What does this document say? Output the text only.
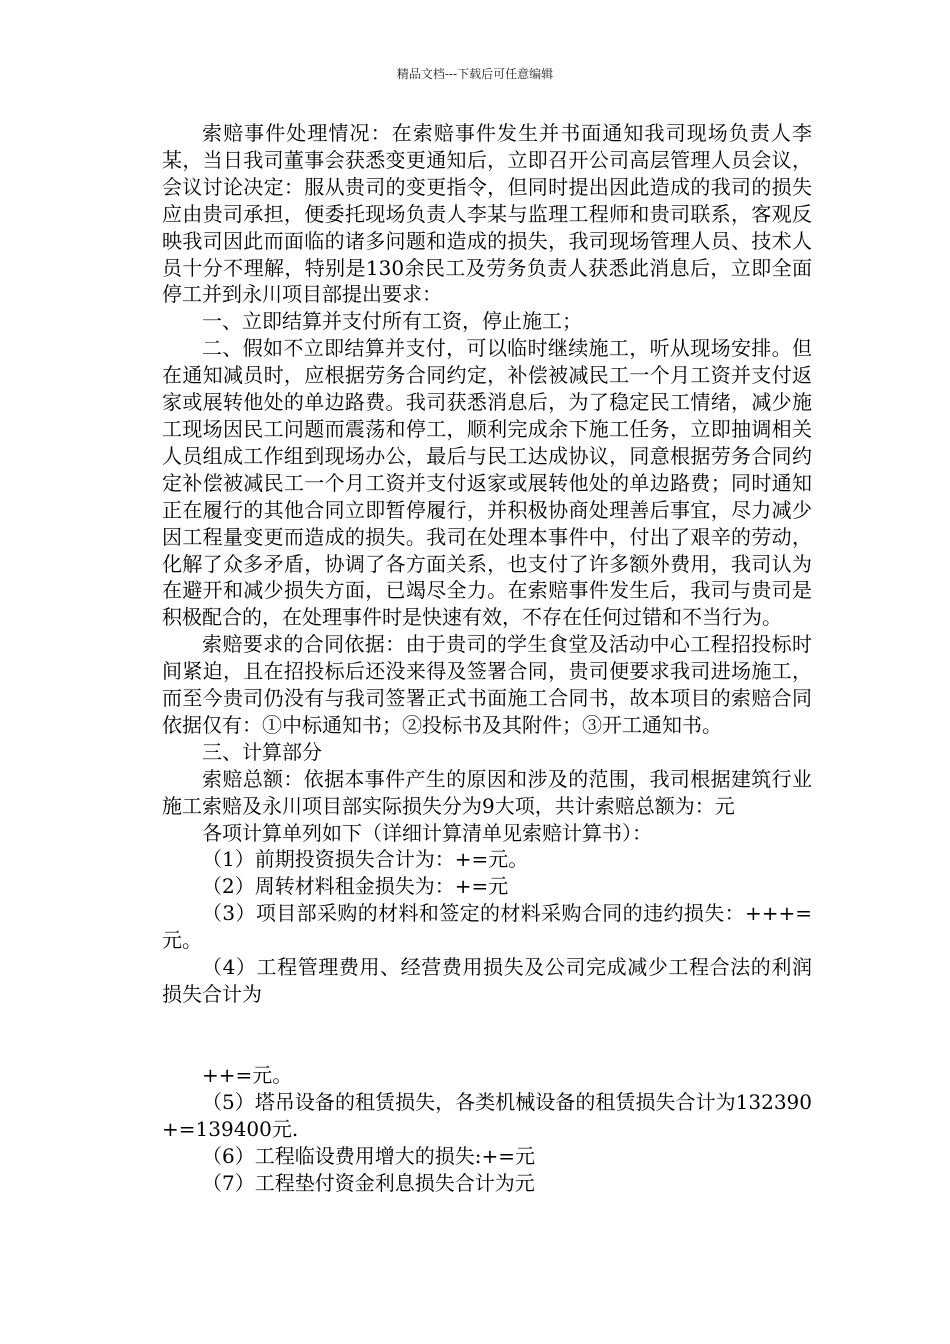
精品文档---下载后可任意编辑

索赔事件处理情况：在索赔事件发生并书面通知我司现场负责人李某，当日我司董事会获悉变更通知后，立即召开公司高层管理人员会议，会议讨论决定：服从贵司的变更指令，但同时提出因此造成的我司的损失应由贵司承担，便委托现场负责人李某与监理工程师和贵司联系，客观反映我司因此而面临的诸多问题和造成的损失，我司现场管理人员、技术人员十分不理解，特别是130余民工及劳务负责人获悉此消息后，立即全面停工并到永川项目部提出要求：

一、立即结算并支付所有工资，停止施工；

二、假如不立即结算并支付，可以临时继续施工，听从现场安排。但在通知减员时，应根据劳务合同约定，补偿被减民工一个月工资并支付返家或展转他处的单边路费。我司获悉消息后，为了稳定民工情绪，减少施工现场因民工问题而震荡和停工，顺利完成余下施工任务，立即抽调相关人员组成工作组到现场办公，最后与民工达成协议，同意根据劳务合同约定补偿被减民工一个月工资并支付返家或展转他处的单边路费；同时通知正在履行的其他合同立即暂停履行，并积极协商处理善后事宜，尽力减少因工程量变更而造成的损失。我司在处理本事件中，付出了艰辛的劳动，化解了众多矛盾，协调了各方面关系，也支付了许多额外费用，我司认为在避开和减少损失方面，已竭尽全力。在索赔事件发生后，我司与贵司是积极配合的，在处理事件时是快速有效，不存在任何过错和不当行为。

索赔要求的合同依据：由于贵司的学生食堂及活动中心工程招投标时间紧迫，且在招投标后还没来得及签署合同，贵司便要求我司进场施工，而至今贵司仍没有与我司签署正式书面施工合同书，故本项目的索赔合同依据仅有：①中标通知书；②投标书及其附件；③开工通知书。

三、计算部分

索赔总额：依据本事件产生的原因和涉及的范围，我司根据建筑行业施工索赔及永川项目部实际损失分为9大项，共计索赔总额为：元

各项计算单列如下（详细计算清单见索赔计算书）：

（1）前期投资损失合计为：+=元。

（2）周转材料租金损失为：+=元

（3）项目部采购的材料和签定的材料采购合同的违约损失：+++=元。

（4）工程管理费用、经营费用损失及公司完成减少工程合法的利润损失合计为

++=元。

（5）塔吊设备的租赁损失，各类机械设备的租赁损失合计为132390+=139400元.

（6）工程临设费用增大的损失:+=元

（7）工程垫付资金利息损失合计为元
